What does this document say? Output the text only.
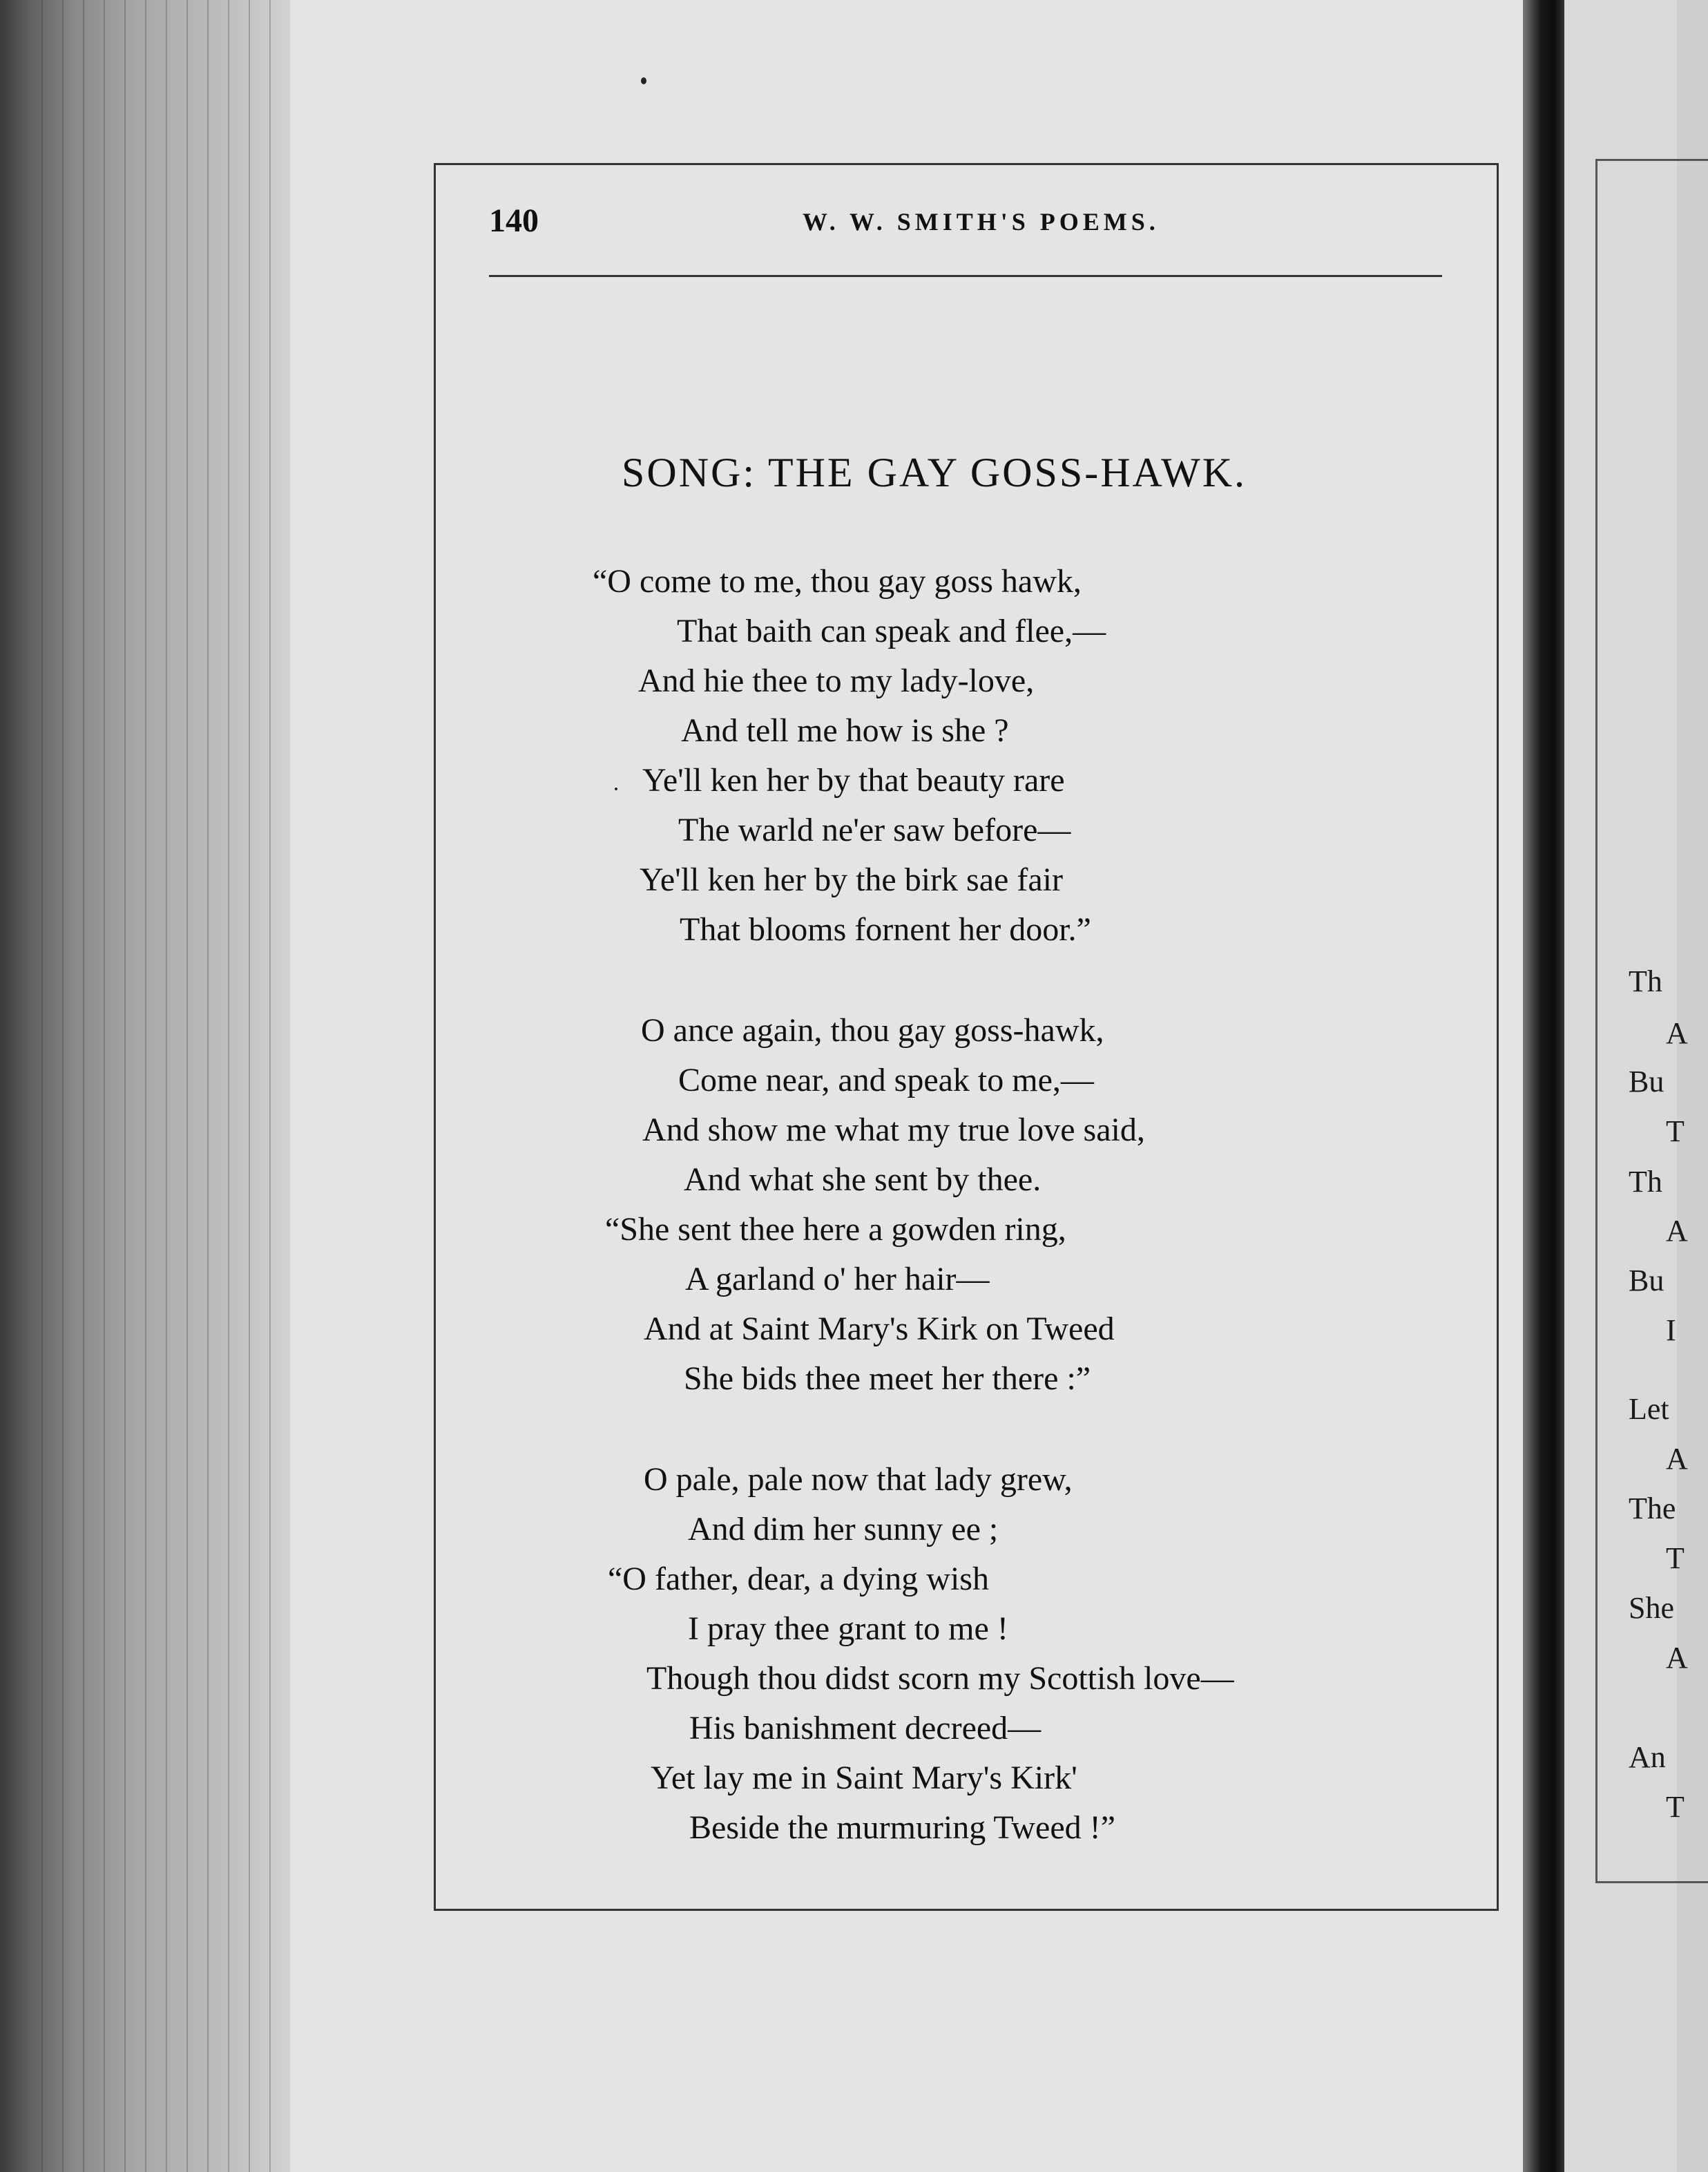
Th
A
Bu
T
Th
A
Bu
I
Let
A
The
T
She
A
An
T
140	W. W. SMITH'S POEMS.
SONG: THE GAY GOSS-HAWK.
“O come to me, thou gay goss hawk,
That baith can speak and flee,—
And hie thee to my lady-love,
And tell me how is she ?
Ye'll ken her by that beauty rare
The warld ne'er saw before—
Ye'll ken her by the birk sae fair
That blooms fornent her door.”
O ance again, thou gay goss-hawk,
Come near, and speak to me,—
And show me what my true love said,
And what she sent by thee.
“She sent thee here a gowden ring,
A garland o' her hair—
And at Saint Mary's Kirk on Tweed
She bids thee meet her there :”
O pale, pale now that lady grew,
And dim her sunny ee ;
“O father, dear, a dying wish
I pray thee grant to me !
Though thou didst scorn my Scottish love—
His banishment decreed—
Yet lay me in Saint Mary's Kirk'
Beside the murmuring Tweed !”
